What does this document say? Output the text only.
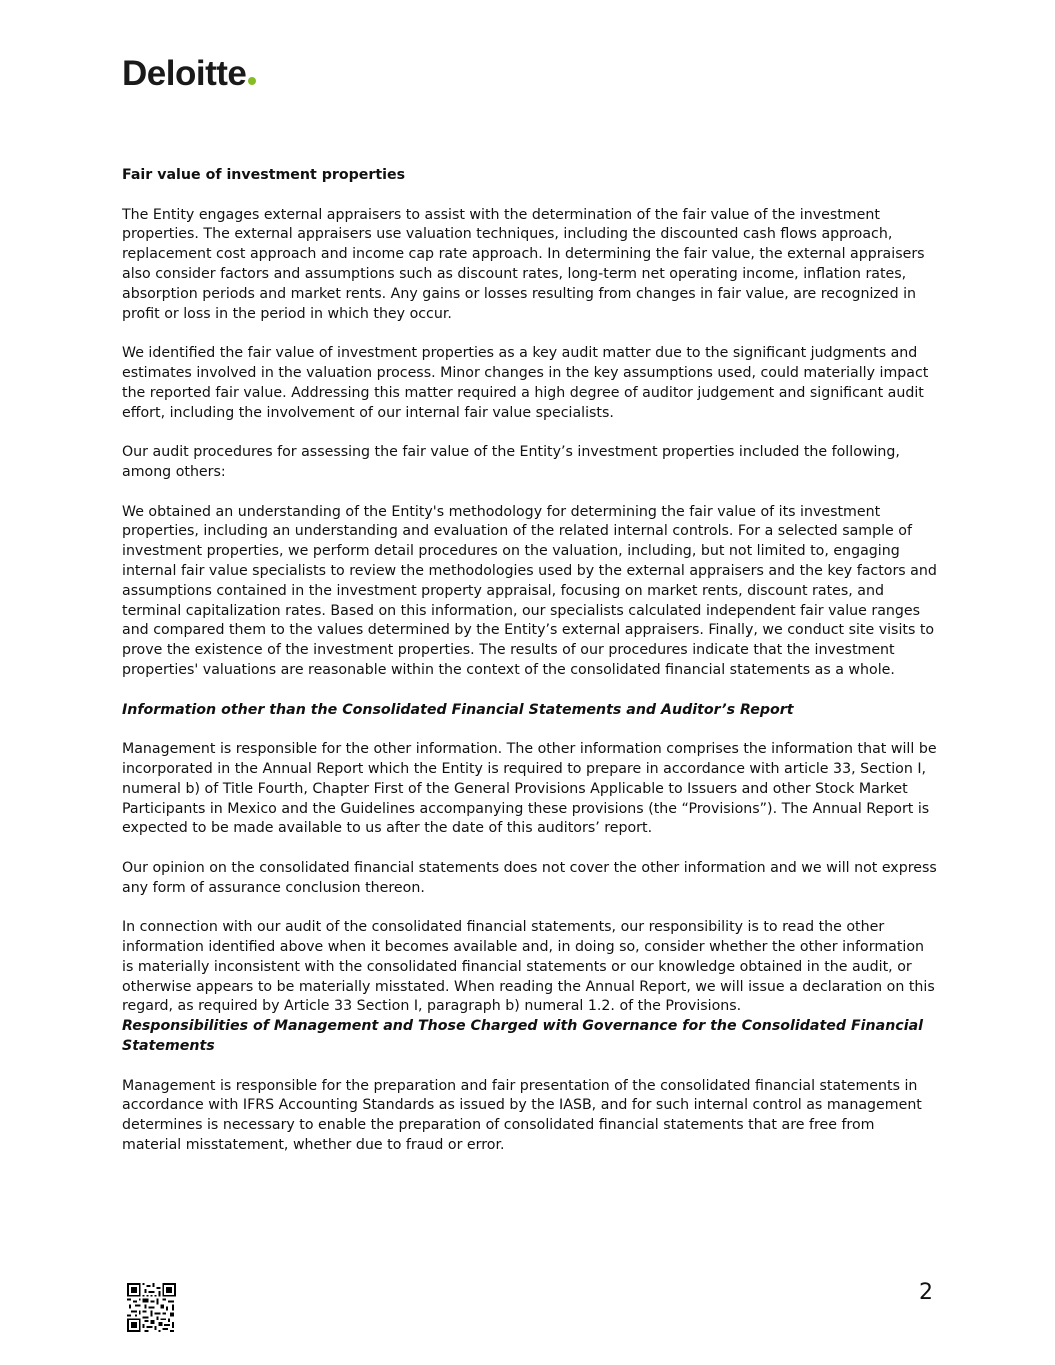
Deloitte

Fair value of investment properties

The Entity engages external appraisers to assist with the determination of the fair value of the investment properties. The external appraisers use valuation techniques, including the discounted cash flows approach, replacement cost approach and income cap rate approach. In determining the fair value, the external appraisers also consider factors and assumptions such as discount rates, long-term net operating income, inflation rates, absorption periods and market rents. Any gains or losses resulting from changes in fair value, are recognized in profit or loss in the period in which they occur.

We identified the fair value of investment properties as a key audit matter due to the significant judgments and estimates involved in the valuation process. Minor changes in the key assumptions used, could materially impact the reported fair value. Addressing this matter required a high degree of auditor judgement and significant audit effort, including the involvement of our internal fair value specialists.

Our audit procedures for assessing the fair value of the Entity’s investment properties included the following, among others:

We obtained an understanding of the Entity's methodology for determining the fair value of its investment properties, including an understanding and evaluation of the related internal controls. For a selected sample of investment properties, we perform detail procedures on the valuation, including, but not limited to, engaging internal fair value specialists to review the methodologies used by the external appraisers and the key factors and assumptions contained in the investment property appraisal, focusing on market rents, discount rates, and terminal capitalization rates. Based on this information, our specialists calculated independent fair value ranges and compared them to the values determined by the Entity’s external appraisers. Finally, we conduct site visits to prove the existence of the investment properties. The results of our procedures indicate that the investment properties' valuations are reasonable within the context of the consolidated financial statements as a whole.

Information other than the Consolidated Financial Statements and Auditor’s Report

Management is responsible for the other information. The other information comprises the information that will be incorporated in the Annual Report which the Entity is required to prepare in accordance with article 33, Section I, numeral b) of Title Fourth, Chapter First of the General Provisions Applicable to Issuers and other Stock Market Participants in Mexico and the Guidelines accompanying these provisions (the “Provisions”). The Annual Report is expected to be made available to us after the date of this auditors’ report.

Our opinion on the consolidated financial statements does not cover the other information and we will not express any form of assurance conclusion thereon.

In connection with our audit of the consolidated financial statements, our responsibility is to read the other information identified above when it becomes available and, in doing so, consider whether the other information is materially inconsistent with the consolidated financial statements or our knowledge obtained in the audit, or otherwise appears to be materially misstated. When reading the Annual Report, we will issue a declaration on this regard, as required by Article 33 Section I, paragraph b) numeral 1.2. of the Provisions.

Responsibilities of Management and Those Charged with Governance for the Consolidated Financial Statements

Management is responsible for the preparation and fair presentation of the consolidated financial statements in accordance with IFRS Accounting Standards as issued by the IASB, and for such internal control as management determines is necessary to enable the preparation of consolidated financial statements that are free from material misstatement, whether due to fraud or error.

2
